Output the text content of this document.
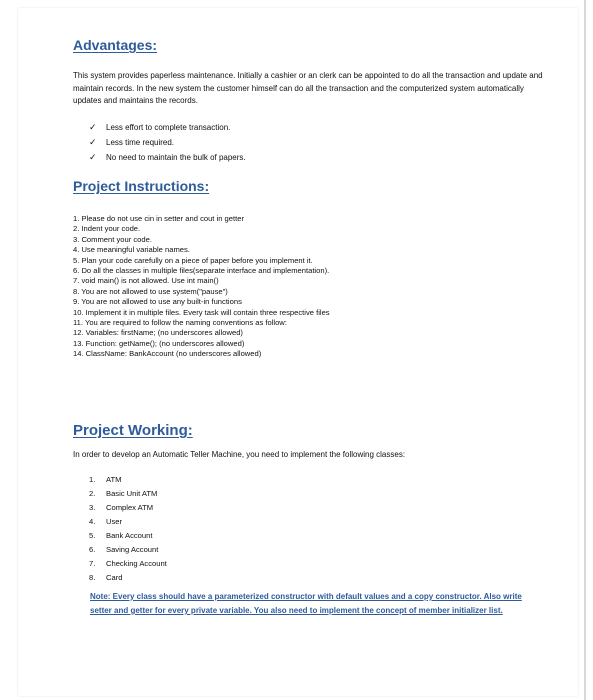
Advantages:

This system provides paperless maintenance. Initially a cashier or an clerk can be appointed to do all the transaction and update and maintain records. In the new system the customer himself can do all the transaction and the computerized system automatically updates and maintains the records.

✓ Less effort to complete transaction.
✓ Less time required.
✓ No need to maintain the bulk of papers.
Project Instructions:
1. Please do not use cin in setter and cout in getter
2. Indent your code.
3. Comment your code.
4. Use meaningful variable names.
5. Plan your code carefully on a piece of paper before you implement it.
6. Do all the classes in multiple files(separate interface and implementation).
7. void main() is not allowed. Use int main()
8. You are not allowed to use system("pause")
9. You are not allowed to use any built-in functions
10. Implement it in multiple files. Every task will contain three respective files
11. You are required to follow the naming conventions as follow:
12. Variables: firstName; (no underscores allowed)
13. Function: getName(); (no underscores allowed)
14. ClassName: BankAccount (no underscores allowed)
Project Working:

In order to develop an Automatic Teller Machine, you need to implement the following classes:

1. ATM
2. Basic Unit ATM
3. Complex ATM
4. User
5. Bank Account
6. Saving Account
7. Checking Account
8. Card

Note: Every class should have a parameterized constructor with default values and a copy constructor. Also write setter and getter for every private variable. You also need to implement the concept of member initializer list.
